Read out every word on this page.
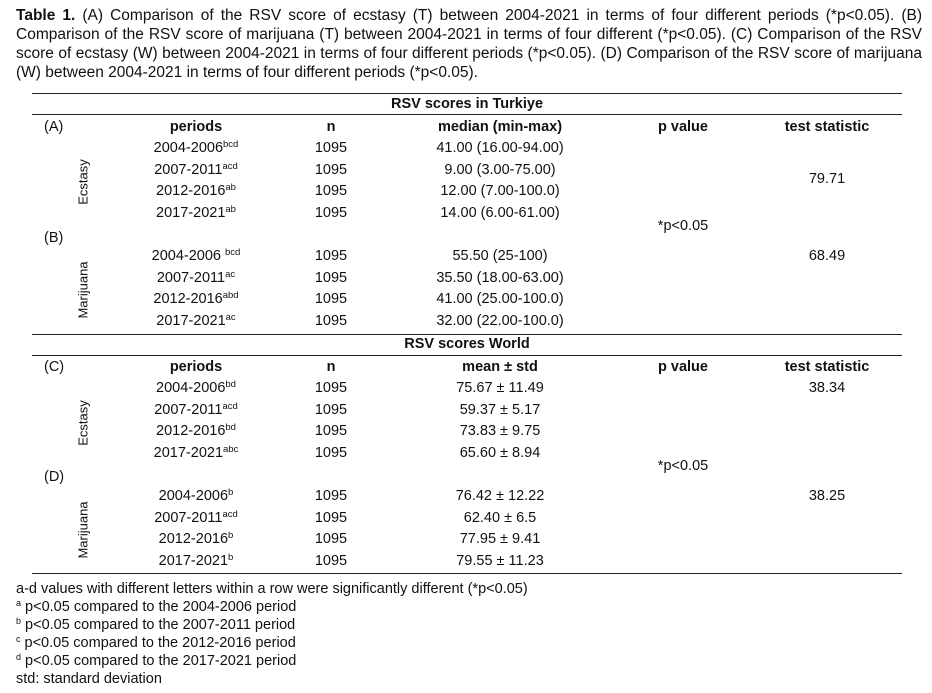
Table 1. (A) Comparison of the RSV score of ecstasy (T) between 2004-2021 in terms of four different periods (*p<0.05). (B) Comparison of the RSV score of marijuana (T) between 2004-2021 in terms of four different (*p<0.05). (C) Comparison of the RSV score of ecstasy (W) between 2004-2021 in terms of four different periods (*p<0.05). (D) Comparison of the RSV score of marijuana (W) between 2004-2021 in terms of four different periods (*p<0.05).
RSV scores in Turkiye
(A)	periods	n	median (min-max)	p value	test statistic
Ecstasy
$2004-2006^{bcd}$	1095	41.00 (16.00-94.00)
$2007-2011^{acd}$	1095	9.00 (3.00-75.00)
$2012-2016^{ab}$	1095	12.00 (7.00-100.0)
$2017-2021^{ab}$	1095	14.00 (6.00-61.00)
79.71
*p<0.05
(B)
Marijuana
2004-2006 $^{bcd}$	1095	55.50 (25-100)
$2007-2011^{ac}$	1095	35.50 (18.00-63.00)
$2012-2016^{abd}$	1095	41.00 (25.00-100.0)
$2017-2021^{ac}$	1095	32.00 (22.00-100.0)
68.49
RSV scores World
(C)	periods	n	mean ± std	p value	test statistic
Ecstasy
$2004-2006^{bd}$	1095	75.67 ± 11.49
$2007-2011^{acd}$	1095	59.37 ± 5.17
$2012-2016^{bd}$	1095	73.83 ± 9.75
$2017-2021^{abc}$	1095	65.60 ± 8.94
38.34
*p<0.05
(D)
Marijuana
2004-2006$^b$	1095	76.42 ± 12.22
$2007-2011^{acd}$	1095	62.40 ± 6.5
2012-2016$^b$	1095	77.95 ± 9.41
2017-2021$^b$	1095	79.55 ± 11.23
38.25
a-d values with different letters within a row were significantly different (*p<0.05)
$^a$ p<0.05 compared to the 2004-2006 period
$^b$ p<0.05 compared to the 2007-2011 period
$^c$ p<0.05 compared to the 2012-2016 period
$^d$ p<0.05 compared to the 2017-2021 period
std: standard deviation
